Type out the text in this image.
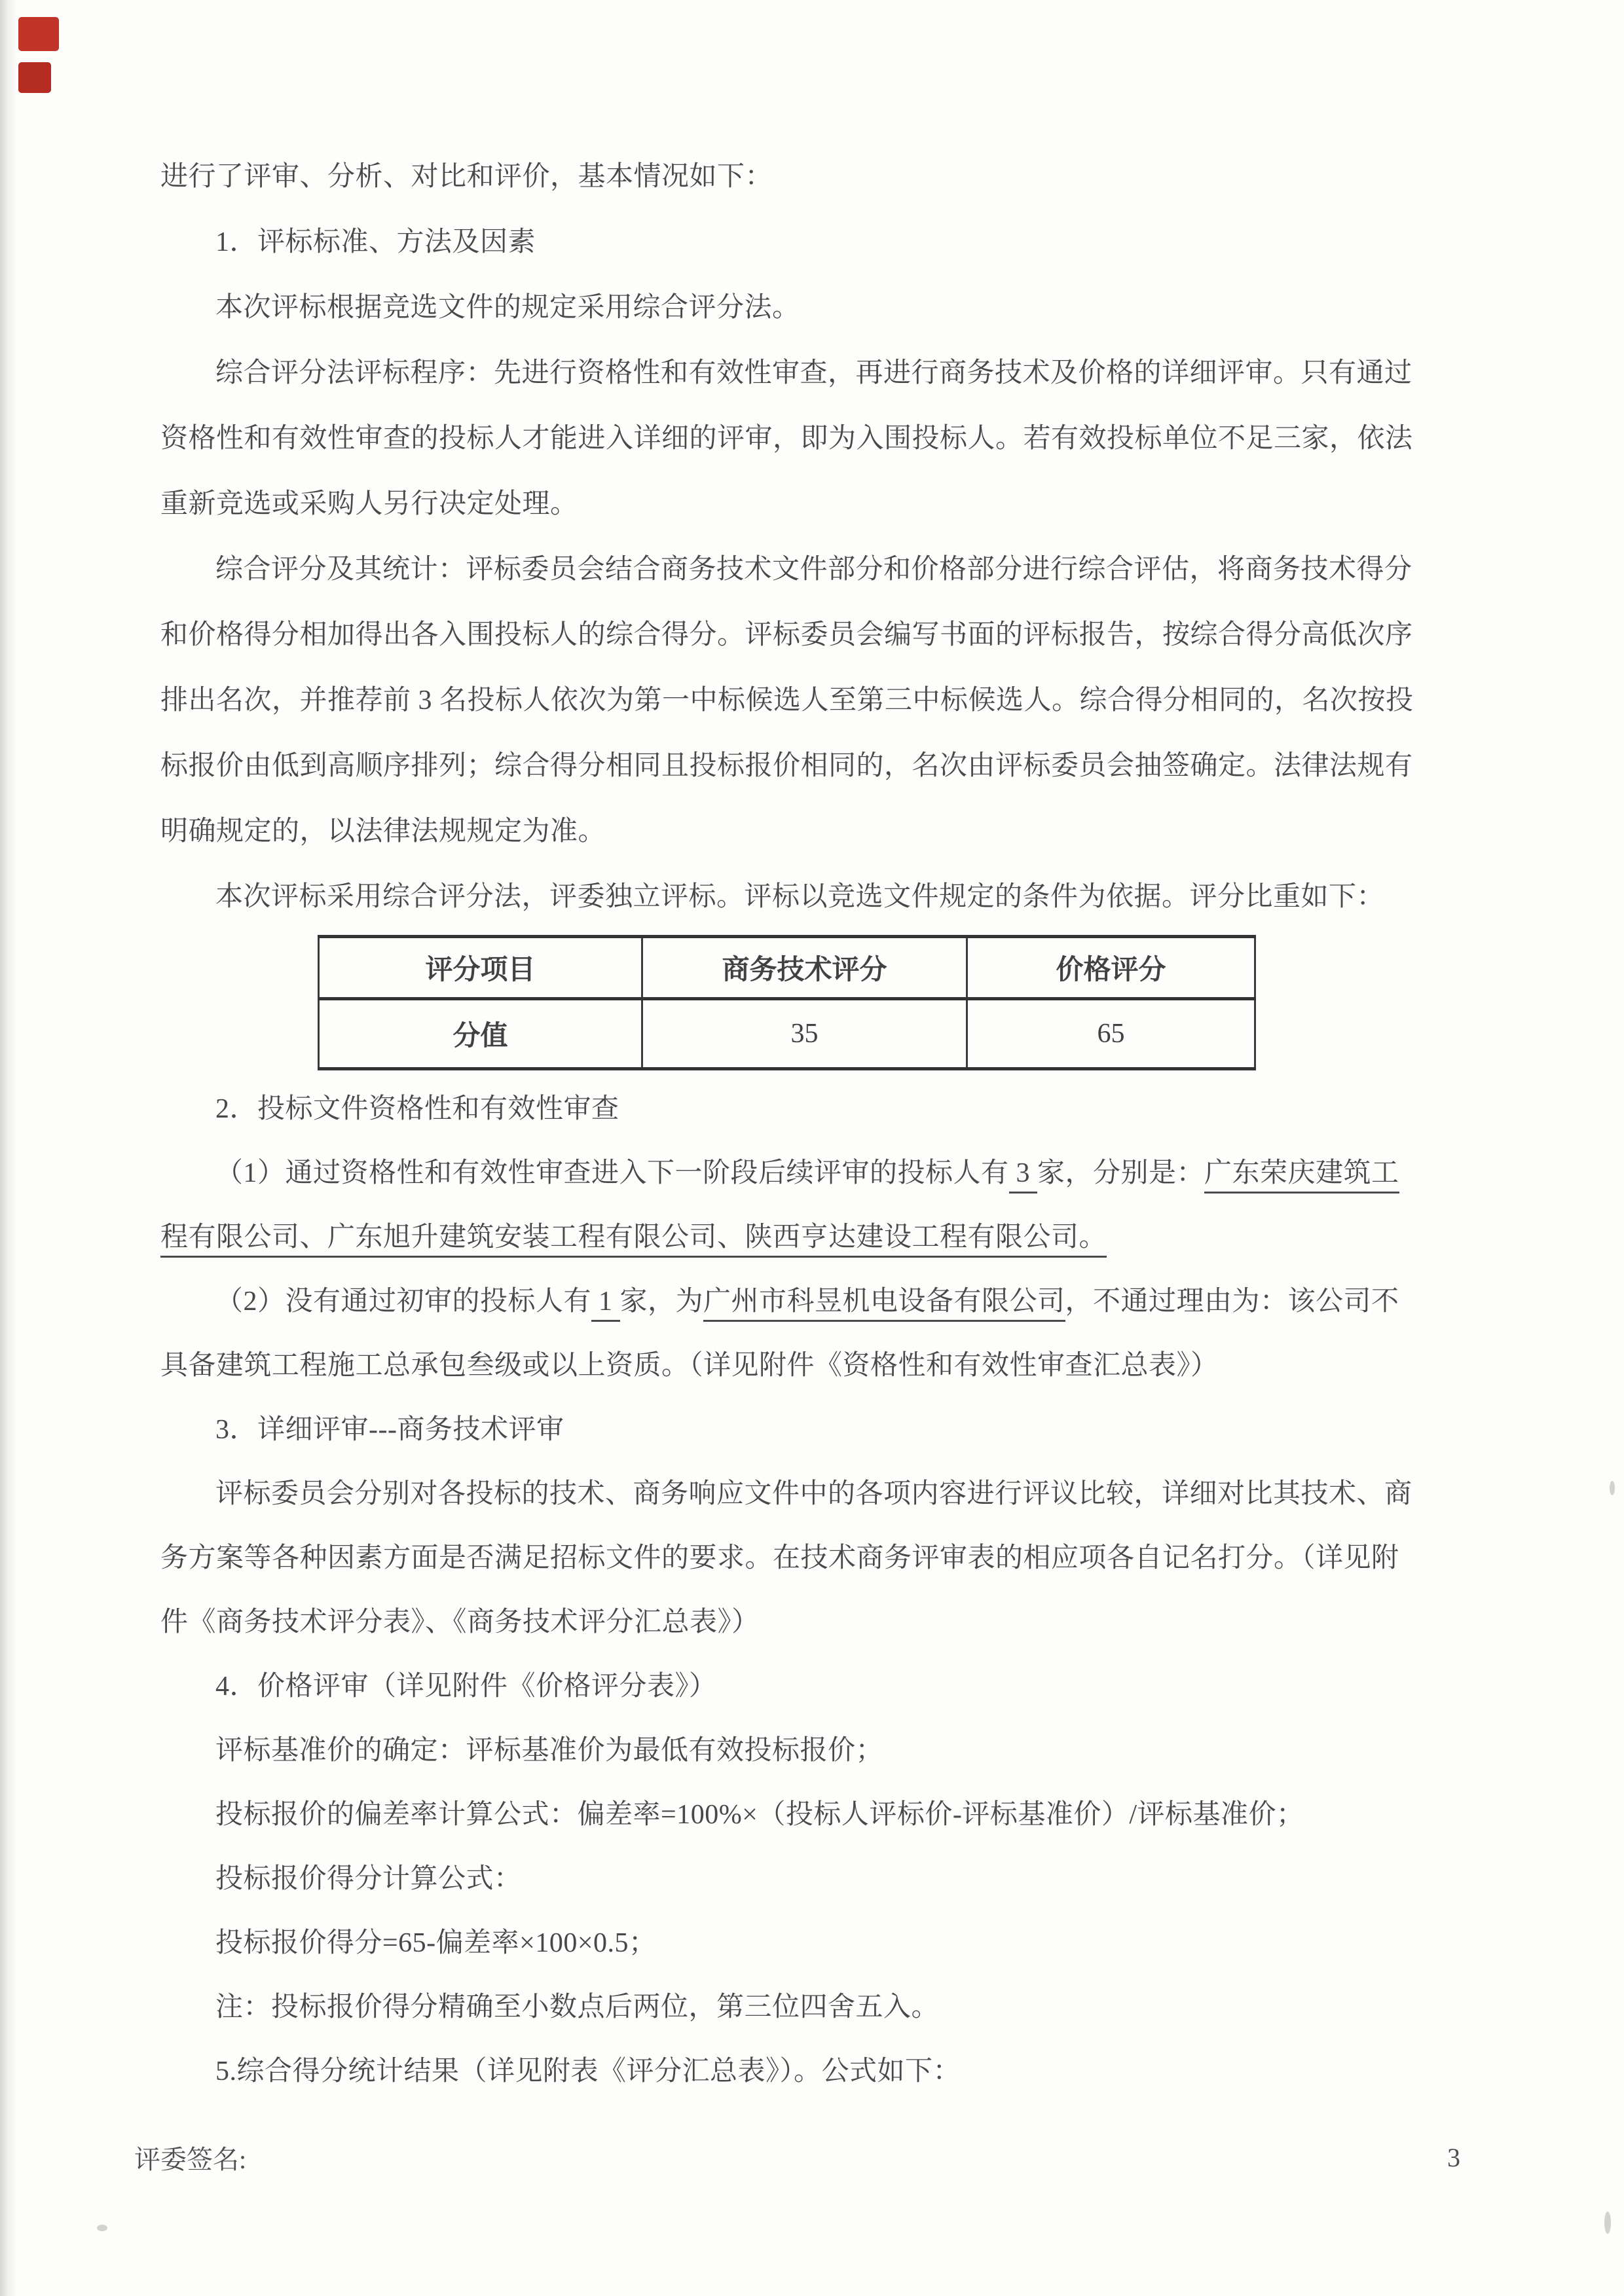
进行了评审、分析、对比和评价，基本情况如下：
1．评标标准、方法及因素
本次评标根据竞选文件的规定采用综合评分法。
综合评分法评标程序：先进行资格性和有效性审查，再进行商务技术及价格的详细评审。只有通过
资格性和有效性审查的投标人才能进入详细的评审，即为入围投标人。若有效投标单位不足三家，依法
重新竞选或采购人另行决定处理。
综合评分及其统计：评标委员会结合商务技术文件部分和价格部分进行综合评估，将商务技术得分
和价格得分相加得出各入围投标人的综合得分。评标委员会编写书面的评标报告，按综合得分高低次序
排出名次，并推荐前 3 名投标人依次为第一中标候选人至第三中标候选人。综合得分相同的，名次按投
标报价由低到高顺序排列；综合得分相同且投标报价相同的，名次由评标委员会抽签确定。法律法规有
明确规定的，以法律法规规定为准。
本次评标采用综合评分法，评委独立评标。评标以竞选文件规定的条件为依据。评分比重如下：
评分项目	商务技术评分	价格评分
分值	35	65
2．投标文件资格性和有效性审查
（1）通过资格性和有效性审查进入下一阶段后续评审的投标人有 3 家，分别是：广东荣庆建筑工
程有限公司、广东旭升建筑安装工程有限公司、陕西亨达建设工程有限公司。
（2）没有通过初审的投标人有 1 家，为广州市科昱机电设备有限公司，不通过理由为：该公司不
具备建筑工程施工总承包叁级或以上资质。（详见附件《资格性和有效性审查汇总表》）
3．详细评审---商务技术评审
评标委员会分别对各投标的技术、商务响应文件中的各项内容进行评议比较，详细对比其技术、商
务方案等各种因素方面是否满足招标文件的要求。在技术商务评审表的相应项各自记名打分。（详见附
件《商务技术评分表》、《商务技术评分汇总表》）
4．价格评审（详见附件《价格评分表》）
评标基准价的确定：评标基准价为最低有效投标报价；
投标报价的偏差率计算公式：偏差率=100%×（投标人评标价-评标基准价）/评标基准价；
投标报价得分计算公式：
投标报价得分=65-偏差率×100×0.5；
注：投标报价得分精确至小数点后两位，第三位四舍五入。
5.综合得分统计结果（详见附表《评分汇总表》）。公式如下：
评委签名:	3
